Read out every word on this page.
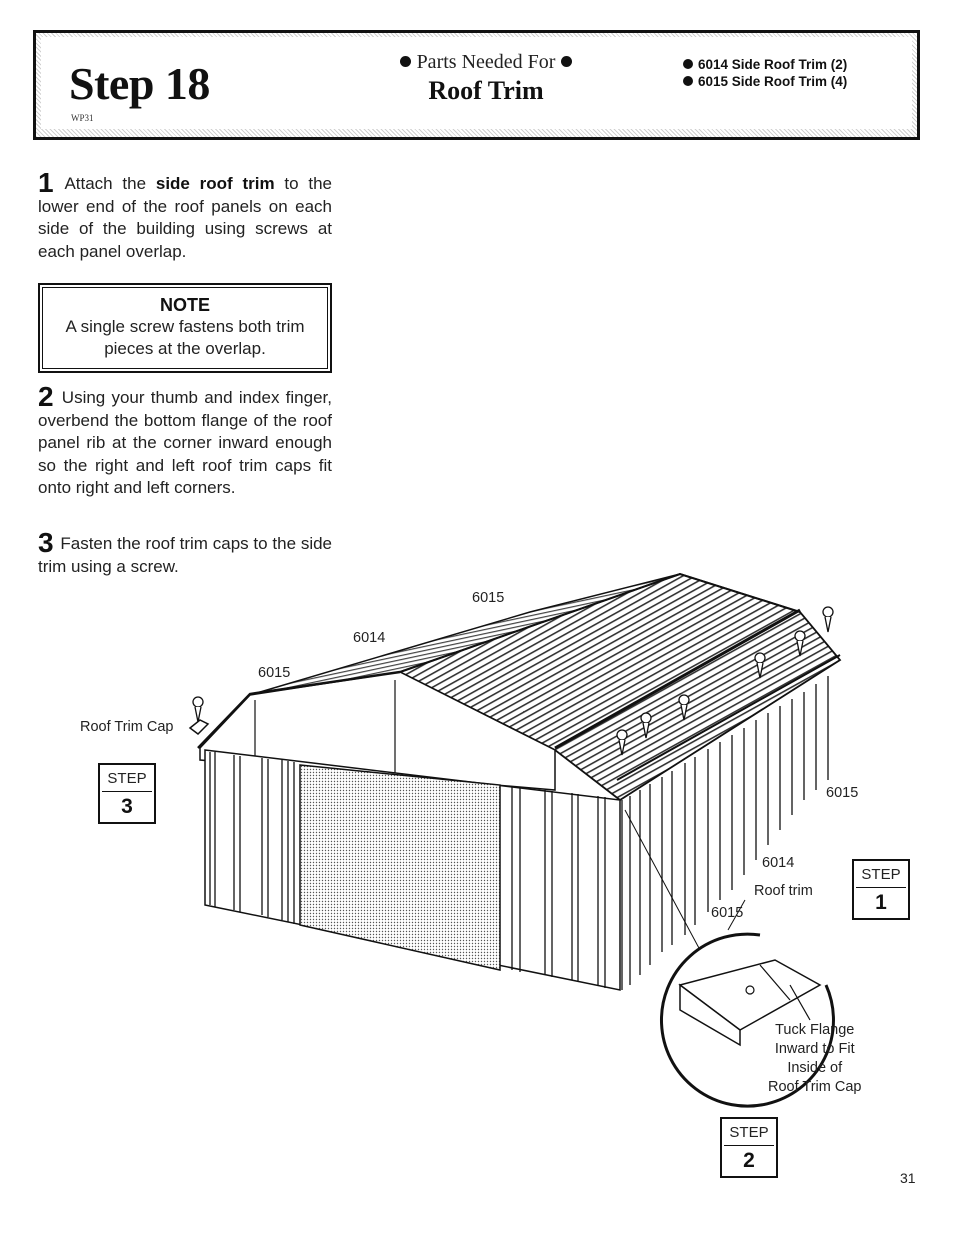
Step 18
WP31
Parts Needed For
Roof Trim
6014 Side Roof Trim (2)
6015 Side Roof Trim (4)
1 Attach the side roof trim to the lower end of the roof panels on each side of the building using screws at each panel overlap.
NOTE
A single screw fastens both trim pieces at the overlap.
2 Using your thumb and index finger, overbend the bottom flange of the roof panel rib at the corner inward enough so the right and left roof trim caps fit onto right and left corners.
3 Fasten the roof trim caps to the side trim using a screw.
6015
6014
6015
Roof Trim Cap
6015
6014
Roof trim
6015
Tuck Flange
Inward to Fit
Inside of
Roof Trim Cap
STEP
3
STEP
1
STEP
2
31
